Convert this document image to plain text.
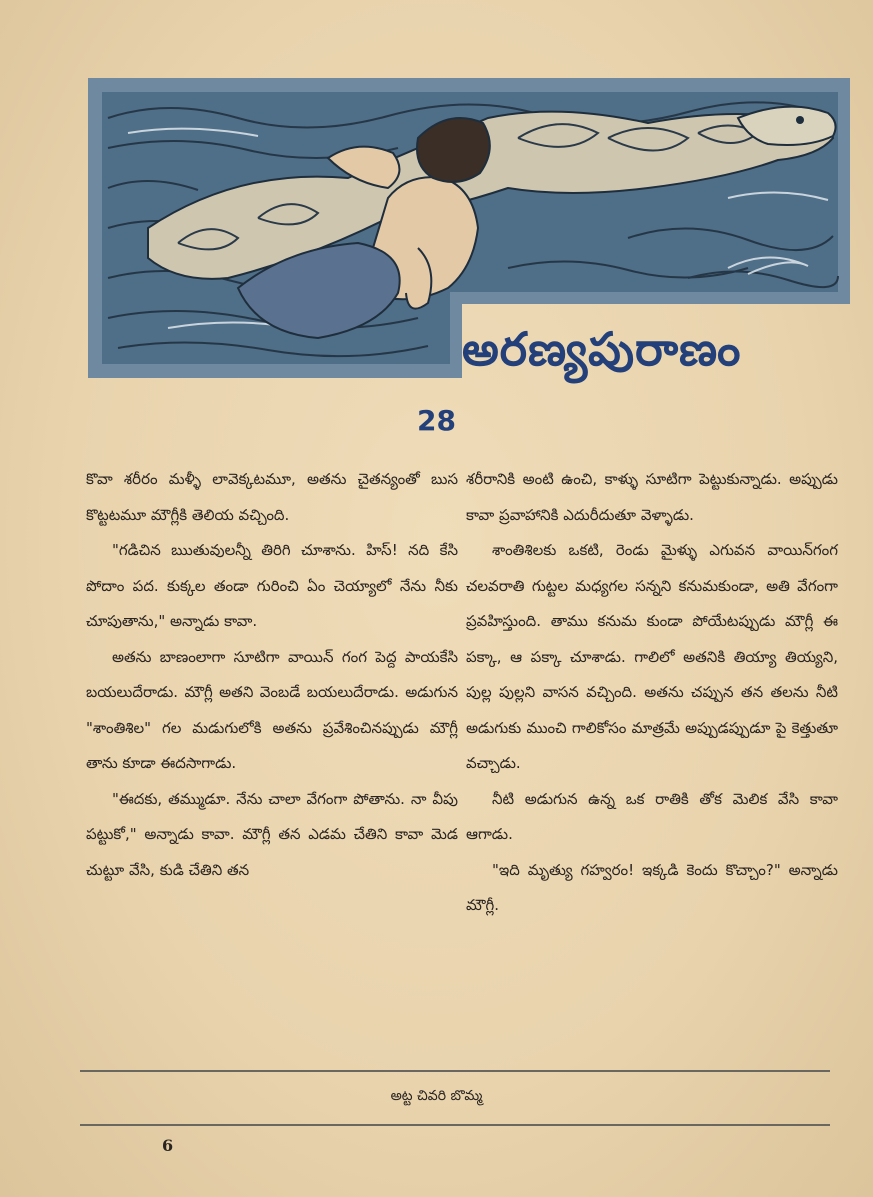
అరణ్యపురాణం
28

కొవా శరీరం మళ్ళీ లావెక్కటమూ, అతను చైతన్యంతో బుస కొట్టటమూ మౌగ్లీకి తెలియ వచ్చింది.

"గడిచిన ఋతువులన్నీ తిరిగి చూశాను. హిస్! నది కేసి పోదాం పద. కుక్కల తండా గురించి ఏం చెయ్యాలో నేను నీకు చూపుతాను," అన్నాడు కావా.

అతను బాణంలాగా సూటిగా వాయిన్ గంగ పెద్ద పాయకేసి బయలుదేరాడు. మౌగ్లీ అతని వెంబడే బయలుదేరాడు. అడుగున "శాంతిశిల" గల మడుగులోకి అతను ప్రవేశించినప్పుడు మౌగ్లీ తాను కూడా ఈదసాగాడు.

"ఈదకు, తమ్ముడూ. నేను చాలా వేగంగా పోతాను. నా వీపు పట్టుకో," అన్నాడు కావా. మౌగ్లీ తన ఎడమ చేతిని కావా మెడ చుట్టూ వేసి, కుడి చేతిని తన

శరీరానికి అంటి ఉంచి, కాళ్ళు సూటిగా పెట్టుకున్నాడు. అప్పుడు కావా ప్రవాహానికి ఎదురీదుతూ వెళ్ళాడు.

శాంతిశిలకు ఒకటి, రెండు మైళ్ళు ఎగువన వాయిన్‌గంగ చలవరాతి గుట్టల మధ్యగల సన్నని కనుమకుండా, అతి వేగంగా ప్రవహిస్తుంది. తాము కనుమ కుండా పోయేటప్పుడు మౌగ్లీ ఈ పక్కా, ఆ పక్కా చూశాడు. గాలిలో అతనికి తియ్యా తియ్యని, పుల్ల పుల్లని వాసన వచ్చింది. అతను చప్పున తన తలను నీటి అడుగుకు ముంచి గాలికోసం మాత్రమే అప్పుడప్పుడూ పై కెత్తుతూ వచ్చాడు.

నీటి అడుగున ఉన్న ఒక రాతికి తోక మెలిక వేసి కావా ఆగాడు.

"ఇది మృత్యు గహ్వరం! ఇక్కడి కెందు కొచ్చాం?" అన్నాడు మౌగ్లీ.

అట్ట చివరి బొమ్మ
6
